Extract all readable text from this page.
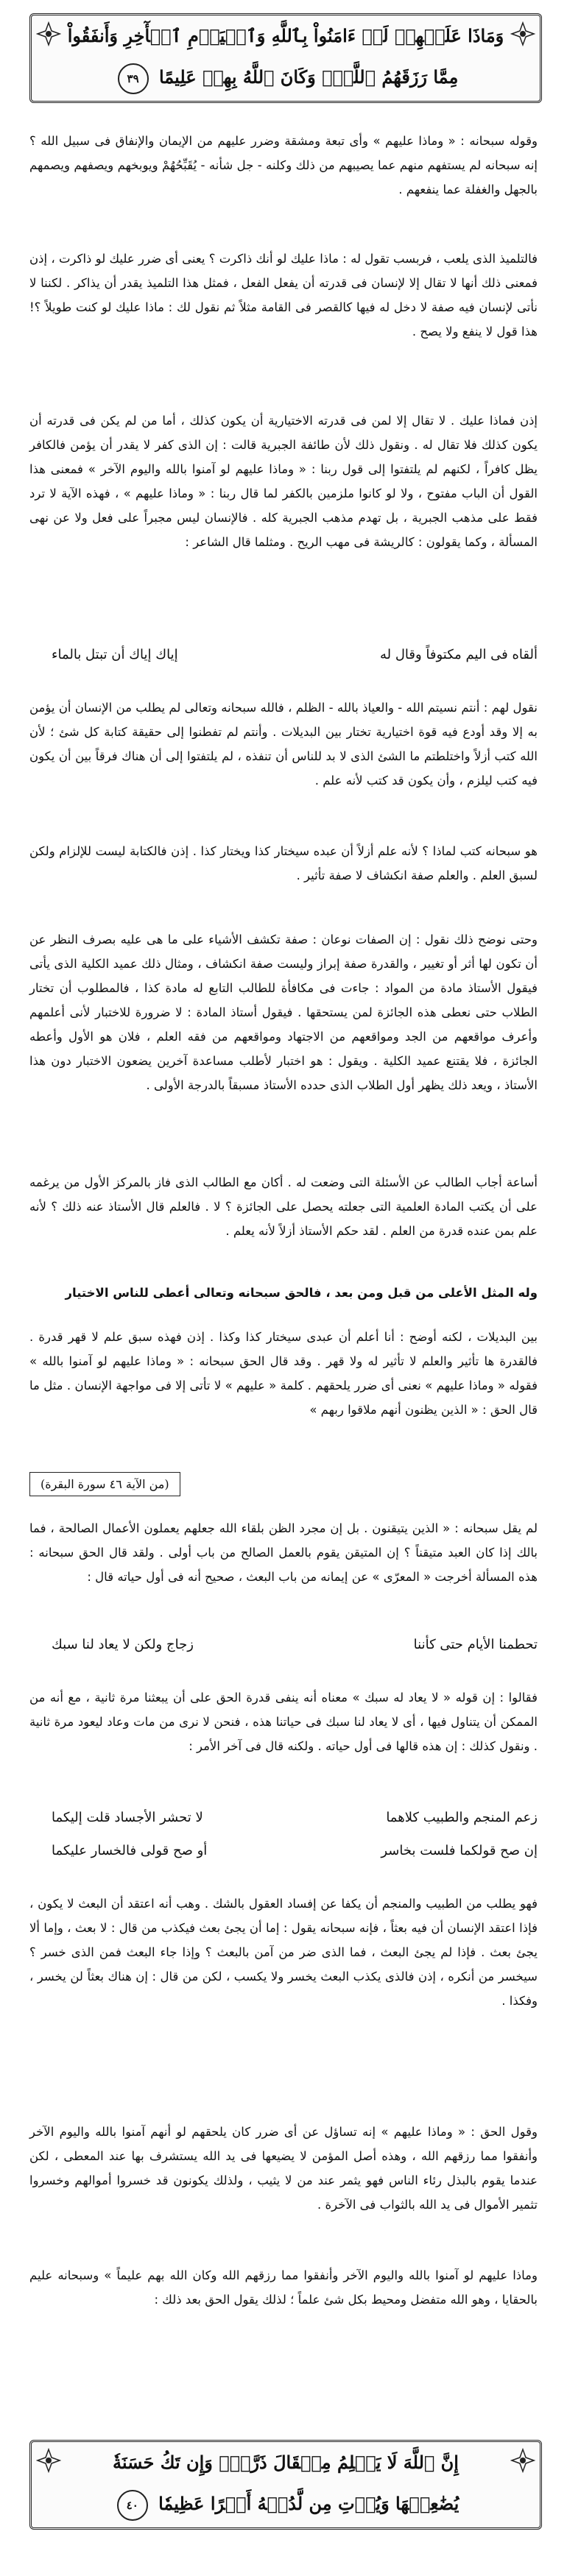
وَمَاذَا عَلَيۡهِمۡ لَوۡ ءَامَنُواْ بِٱللَّهِ وَٱلۡيَوۡمِ ٱلۡأٓخِرِ وَأَنفَقُواْ
مِمَّا رَزَقَهُمُ ٱللَّهُۚ وَكَانَ ٱللَّهُ بِهِمۡ عَلِيمًا ٣٩
وقوله سبحانه : « وماذا عليهم » وأى تبعة ومشقة وضرر عليهم من الإيمان والإنفاق فى سبيل الله ؟ إنه سبحانه لم يستفهم منهم عما يصيبهم من ذلك وكلنه - جل شأنه - يُقَبِّحُهُمْ ويوبخهم ويصفهم ويصمهم بالجهل والغفلة عما ينفعهم .
فالتلميذ الذى يلعب ، فربسب تقول له : ماذا عليك لو أنك ذاكرت ؟ يعنى أى ضرر عليك لو ذاكرت ، إذن فمعنى ذلك أنها لا تقال إلا لإنسان فى قدرته أن يفعل الفعل ، فمثل هذا التلميذ يقدر أن يذاكر . لكننا لا نأتى لإنسان فيه صفة لا دخل له فيها كالقصر فى القامة مثلاً ثم نقول لك : ماذا عليك لو كنت طويلاً ؟! هذا قول لا ينفع ولا يصح .
إذن فماذا عليك . لا تقال إلا لمن فى قدرته الاختيارية أن يكون كذلك ، أما من لم يكن فى قدرته أن يكون كذلك فلا تقال له . ونقول ذلك لأن طائفة الجبرية قالت : إن الذى كفر لا يقدر أن يؤمن فالكافر يظل كافراً ، لكنهم لم يلتفتوا إلى قول ربنا : « وماذا عليهم لو آمنوا بالله واليوم الآخر » فمعنى هذا القول أن الباب مفتوح ، ولا لو كانوا ملزمين بالكفر لما قال ربنا : « وماذا عليهم » ، فهذه الآية لا ترد فقط على مذهب الجبرية ، بل تهدم مذهب الجبرية كله . فالإنسان ليس مجبراً على فعل ولا عن نهى المسألة ، وكما يقولون : كالريشة فى مهب الريح . ومثلما قال الشاعر :
ألقاه فى اليم مكتوفاً وقال لهإياك إياك أن تبتل بالماء
نقول لهم : أنتم نسيتم الله - والعياذ بالله - الظلم ، فالله سبحانه وتعالى لم يطلب من الإنسان أن يؤمن به إلا وقد أودع فيه قوة اختيارية تختار بين البديلات . وأنتم لم تفطنوا إلى حقيقة كتابة كل شئ ؛ لأن الله كتب أزلاً واختلطتم ما الشئ الذى لا بد للناس أن تنفذه ، لم يلتفتوا إلى أن هناك فرقاً بين أن يكون فيه كتب ليلزم ، وأن يكون قد كتب لأنه علم .
هو سبحانه كتب لماذا ؟ لأنه علم أزلاً أن عبده سيختار كذا ويختار كذا . إذن فالكتابة ليست للإلزام ولكن لسبق العلم . والعلم صفة انكشاف لا صفة تأثير .
وحتى نوضح ذلك نقول : إن الصفات نوعان : صفة تكشف الأشياء على ما هى عليه بصرف النظر عن أن تكون لها أثر أو تغيير ، والقدرة صفة إبراز وليست صفة انكشاف ، ومثال ذلك عميد الكلية الذى يأتى فيقول الأستاذ مادة من المواد : جاءت فى مكافأة للطالب التابع له مادة كذا ، فالمطلوب أن تختار الطلاب حتى نعطى هذه الجائزة لمن يستحقها . فيقول أستاذ المادة : لا ضرورة للاختبار لأنى أعلمهم وأعرف مواقعهم من الجد ومواقعهم من الاجتهاد ومواقعهم من فقه العلم ، فلان هو الأول وأعطه الجائزة ، فلا يقتنع عميد الكلية . ويقول : هو اختبار لأطلب مساعدة آخرين يضعون الاختبار دون هذا الأستاذ ، ويعد ذلك يظهر أول الطلاب الذى حدده الأستاذ مسبقاً بالدرجة الأولى .
أساعة أجاب الطالب عن الأسئلة التى وضعت له . أكان مع الطالب الذى فاز بالمركز الأول من يرغمه على أن يكتب المادة العلمية التى جعلته يحصل على الجائزة ؟ لا . فالعلم قال الأستاذ عنه ذلك ؟ لأنه علم بمن عنده قدرة من العلم . لقد حكم الأستاذ أزلاً لأنه يعلم .
وله المثل الأعلى من قبل ومن بعد ، فالحق سبحانه وتعالى أعطى للناس الاختيار
بين البديلات ، لكنه أوضح : أنا أعلم أن عبدى سيختار كذا وكذا . إذن فهذه سبق علم لا قهر قدرة . فالقدرة ها تأثير والعلم لا تأثير له ولا قهر . وقد قال الحق سبحانه : « وماذا عليهم لو آمنوا بالله » فقوله « وماذا عليهم » نعنى أى ضرر يلحقهم . كلمة « عليهم » لا تأتى إلا فى مواجهة الإنسان . مثل ما قال الحق : « الذين يظنون أنهم ملاقوا ربهم »
(من الآية ٤٦ سورة البقرة)
لم يقل سبحانه : « الذين يتيقنون . بل إن مجرد الظن بلقاء الله جعلهم يعملون الأعمال الصالحة ، فما بالك إذا كان العبد متيقناً ؟ إن المتيقن يقوم بالعمل الصالح من باب أولى . ولقد قال الحق سبحانه : هذه المسألة أخرجت « المعرّى » عن إيمانه من باب البعث ، صحيح أنه فى أول حياته قال :
تحطمنا الأيام حتى كأننازجاج ولكن لا يعاد لنا سبك
فقالوا : إن قوله « لا يعاد له سبك » معناه أنه ينفى قدرة الحق على أن يبعثنا مرة ثانية ، مع أنه من الممكن أن يتناول فيها ، أى لا يعاد لنا سبك فى حياتنا هذه ، فنحن لا نرى من مات وعاد ليعود مرة ثانية . ونقول كذلك : إن هذه قالها فى أول حياته . ولكنه قال فى آخر الأمر :
زعم المنجم والطبيب كلاهمالا تحشر الأجساد قلت إليكما
إن صح قولكما فلست بخاسرأو صح قولى فالخسار عليكما
فهو يطلب من الطبيب والمنجم أن يكفا عن إفساد العقول بالشك . وهب أنه اعتقد أن البعث لا يكون ، فإذا اعتقد الإنسان أن فيه بعثاً ، فإنه سبحانه يقول : إما أن يجئ بعث فيكذب من قال : لا بعث ، وإما ألا يجئ بعث . فإذا لم يجئ البعث ، فما الذى ضر من آمن بالبعث ؟ وإذا جاء البعث فمن الذى خسر ؟ سيخسر من أنكره ، إذن فالذى يكذب البعث يخسر ولا يكسب ، لكن من قال : إن هناك بعثاً لن يخسر ، وفكذا .
وقول الحق : « وماذا عليهم » إنه تساؤل عن أى ضرر كان يلحقهم لو أنهم آمنوا بالله واليوم الآخر وأنفقوا مما رزقهم الله ، وهذه أصل المؤمن لا يضيعها فى يد الله يستشرف بها عند المعطى ، لكن عندما يقوم بالبذل رئاء الناس فهو يثمر عند من لا يثيب ، ولذلك يكونون قد خسروا أموالهم وخسروا تثمير الأموال فى يد الله بالثواب فى الآخرة .
وماذا عليهم لو آمنوا بالله واليوم الآخر وأنفقوا مما رزقهم الله وكان الله بهم عليماً » وسبحانه عليم بالحقايا ، وهو الله متفضل ومحيط بكل شئ علماً ؛ لذلك يقول الحق بعد ذلك :
إِنَّ ٱللَّهَ لَا يَظۡلِمُ مِثۡقَالَ ذَرَّةٖۖ وَإِن تَكُ حَسَنَةٗ
يُضَٰعِفۡهَا وَيُؤۡتِ مِن لَّدُنۡهُ أَجۡرًا عَظِيمٗا ٤٠
